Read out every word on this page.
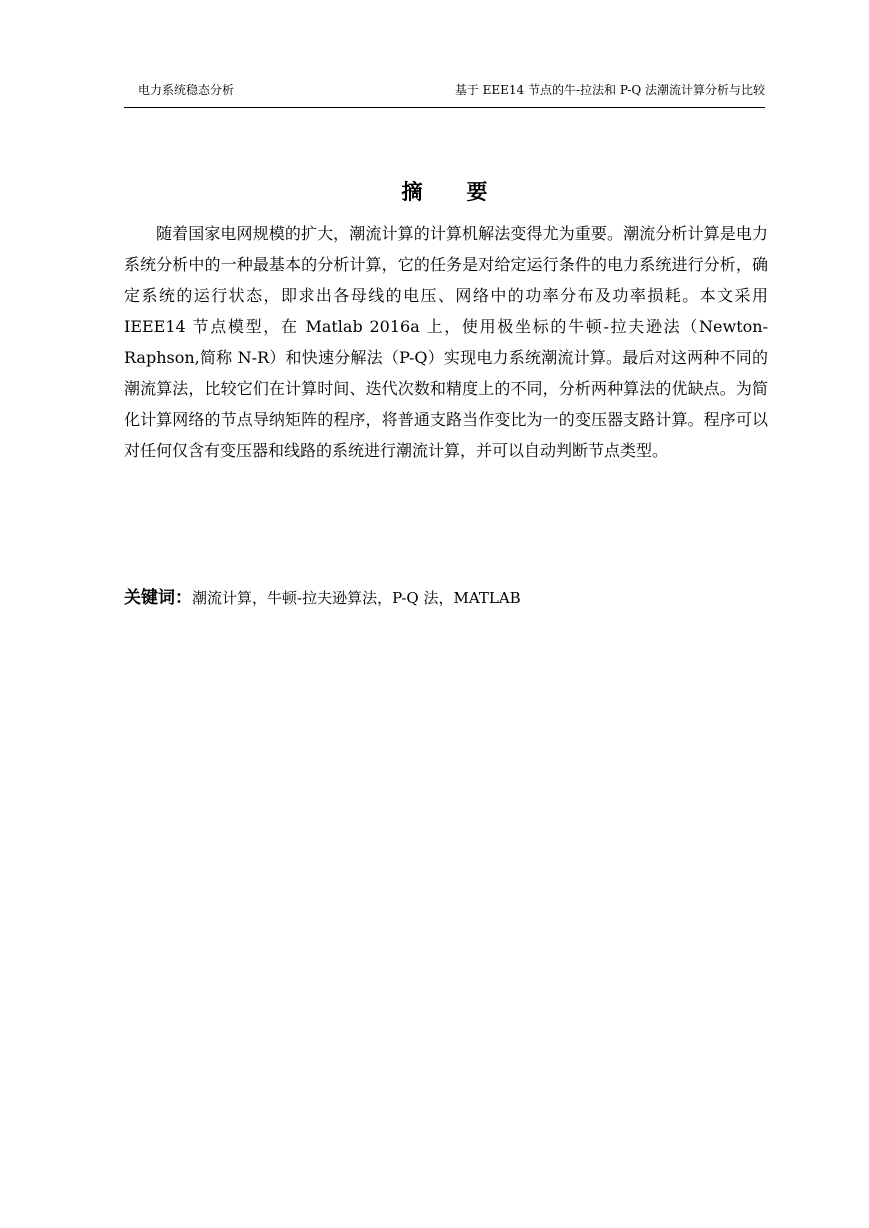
电力系统稳态分析	基于 EEE14 节点的牛-拉法和 P-Q 法潮流计算分析与比较
摘要

随着国家电网规模的扩大，潮流计算的计算机解法变得尤为重要。潮流分析计算是电力系统分析中的一种最基本的分析计算，它的任务是对给定运行条件的电力系统进行分析，确定系统的运行状态，即求出各母线的电压、网络中的功率分布及功率损耗。本文采用 IEEE14 节点模型，在 Matlab 2016a 上，使用极坐标的牛顿-拉夫逊法（Newton-Raphson,简称 N-R）和快速分解法（P-Q）实现电力系统潮流计算。最后对这两种不同的潮流算法，比较它们在计算时间、迭代次数和精度上的不同，分析两种算法的优缺点。为简化计算网络的节点导纳矩阵的程序，将普通支路当作变比为一的变压器支路计算。程序可以对任何仅含有变压器和线路的系统进行潮流计算，并可以自动判断节点类型。

关键词：潮流计算，牛顿-拉夫逊算法，P-Q 法，MATLAB
